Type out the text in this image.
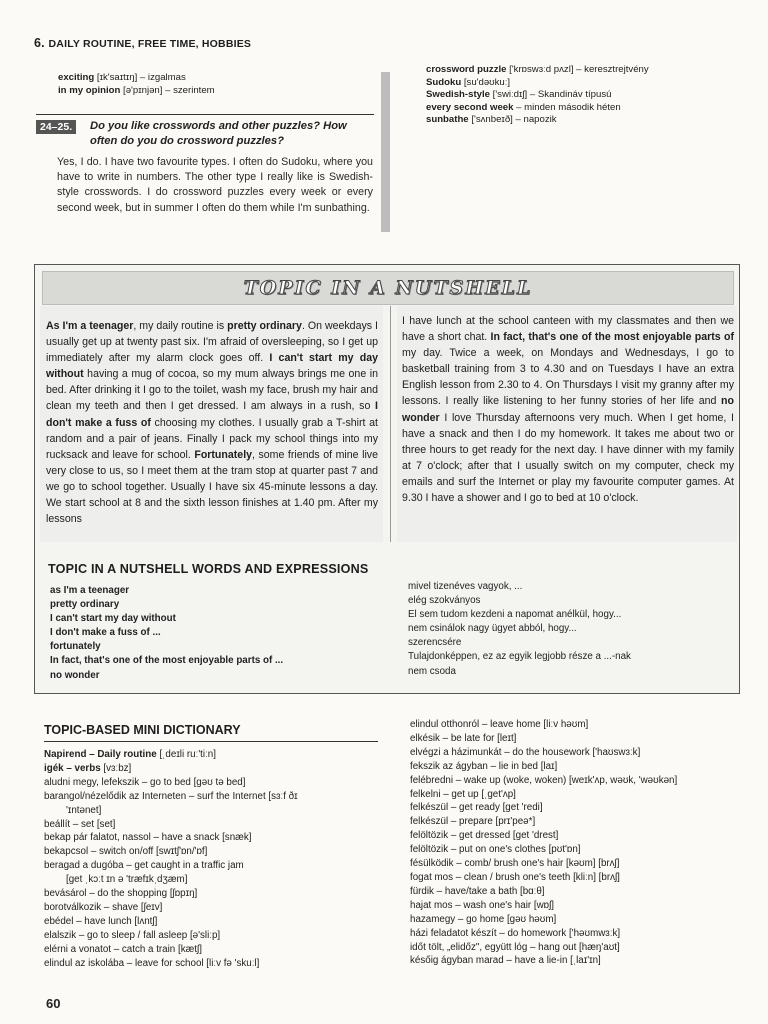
6. DAILY ROUTINE, FREE TIME, HOBBIES
exciting [ɪk'saɪtɪŋ] – izgalmas
in my opinion [ə'pɪnjən] – szerintem
crossword puzzle ['krɒswɜːd pʌzl] – keresztrejtvény
Sudoku [su'dəʊkuː]
Swedish-style ['swiːdɪʃ] – Skandináv típusú
every second week – minden második héten
sunbathe ['sʌnbeɪð] – napozik
24–25.	Do you like crosswords and other puzzles? How often do you do crossword puzzles?
Yes, I do. I have two favourite types. I often do Sudoku, where you have to write in numbers. The other type I really like is Swedish-style crosswords. I do crossword puzzles every week or every second week, but in summer I often do them while I'm sunbathing.
TOPIC IN A NUTSHELL
As I'm a teenager, my daily routine is pretty ordinary. On weekdays I usually get up at twenty past six. I'm afraid of oversleeping, so I get up immediately after my alarm clock goes off. I can't start my day without having a mug of cocoa, so my mum always brings me one in bed. After drinking it I go to the toilet, wash my face, brush my hair and clean my teeth and then I get dressed. I am always in a rush, so I don't make a fuss of choosing my clothes. I usually grab a T-shirt at random and a pair of jeans. Finally I pack my school things into my rucksack and leave for school. Fortunately, some friends of mine live very close to us, so I meet them at the tram stop at quarter past 7 and we go to school together. Usually I have six 45-minute lessons a day. We start school at 8 and the sixth lesson finishes at 1.40 pm. After my lessons
I have lunch at the school canteen with my classmates and then we have a short chat. In fact, that's one of the most enjoyable parts of my day. Twice a week, on Mondays and Wednesdays, I go to basketball training from 3 to 4.30 and on Tuesdays I have an extra English lesson from 2.30 to 4. On Thursdays I visit my granny after my lessons. I really like listening to her funny stories of her life and no wonder I love Thursday afternoons very much. When I get home, I have a snack and then I do my homework. It takes me about two or three hours to get ready for the next day. I have dinner with my family at 7 o'clock; after that I usually switch on my computer, check my emails and surf the Internet or play my favourite computer games. At 9.30 I have a shower and I go to bed at 10 o'clock.
TOPIC IN A NUTSHELL WORDS AND EXPRESSIONS
as I'm a teenager
pretty ordinary
I can't start my day without
I don't make a fuss of ...
fortunately
In fact, that's one of the most enjoyable parts of ...
no wonder
mivel tizenéves vagyok, ...
elég szokványos
El sem tudom kezdeni a napomat anélkül, hogy...
nem csinálok nagy ügyet abból, hogy...
szerencsére
Tulajdonképpen, ez az egyik legjobb része a ...-nak
nem csoda
TOPIC-BASED MINI DICTIONARY
Napirend – Daily routine [ˌdeɪli ruː'tiːn]
igék – verbs [vɜːbz]
aludni megy, lefekszik – go to bed [gəʊ tə bed]
barangol/nézelődik az Interneten – surf the Internet [sɜːf ðɪ
'ɪntənet]
beállít – set [set]
bekap pár falatot, nassol – have a snack [snæk]
bekapcsol – switch on/off [swɪtʃ'ɒn/'ɒf]
beragad a dugóba – get caught in a traffic jam
[get ˌkɔːt ɪn ə 'træfɪkˌdʒæm]
bevásárol – do the shopping [ʃɒpɪŋ]
borotválkozik – shave [ʃeɪv]
ebédel – have lunch [lʌntʃ]
elalszik – go to sleep / fall asleep [ə'sliːp]
elérni a vonatot – catch a train [kætʃ]
elindul az iskolába – leave for school [liːv fə 'skuːl]
elindul otthonról – leave home [liːv həʊm]
elkésik – be late for [leɪt]
elvégzi a házimunkát – do the housework ['haʊswɜːk]
fekszik az ágyban – lie in bed [laɪ]
felébredni – wake up (woke, woken) [weɪk'ʌp, wəʊk, 'wəʊkən]
felkelni – get up [ˌget'ʌp]
felkészül – get ready [get 'redi]
felkészül – prepare [prɪ'peə*]
felöltözik – get dressed [get 'drest]
felöltözik – put on one's clothes [pʊt'ɒn]
fésülködik – comb/ brush one's hair [kəʊm] [brʌʃ]
fogat mos – clean / brush one's teeth [kliːn] [brʌʃ]
fürdik – have/take a bath [bɑːθ]
hajat mos – wash one's hair [wɒʃ]
hazamegy – go home [gəʊ həʊm]
házi feladatot készít – do homework ['həʊmwɜːk]
időt tölt, „elidőz", együtt lóg – hang out [hæŋ'aʊt]
későig ágyban marad – have a lie-in [ˌlaɪ'ɪn]
60
